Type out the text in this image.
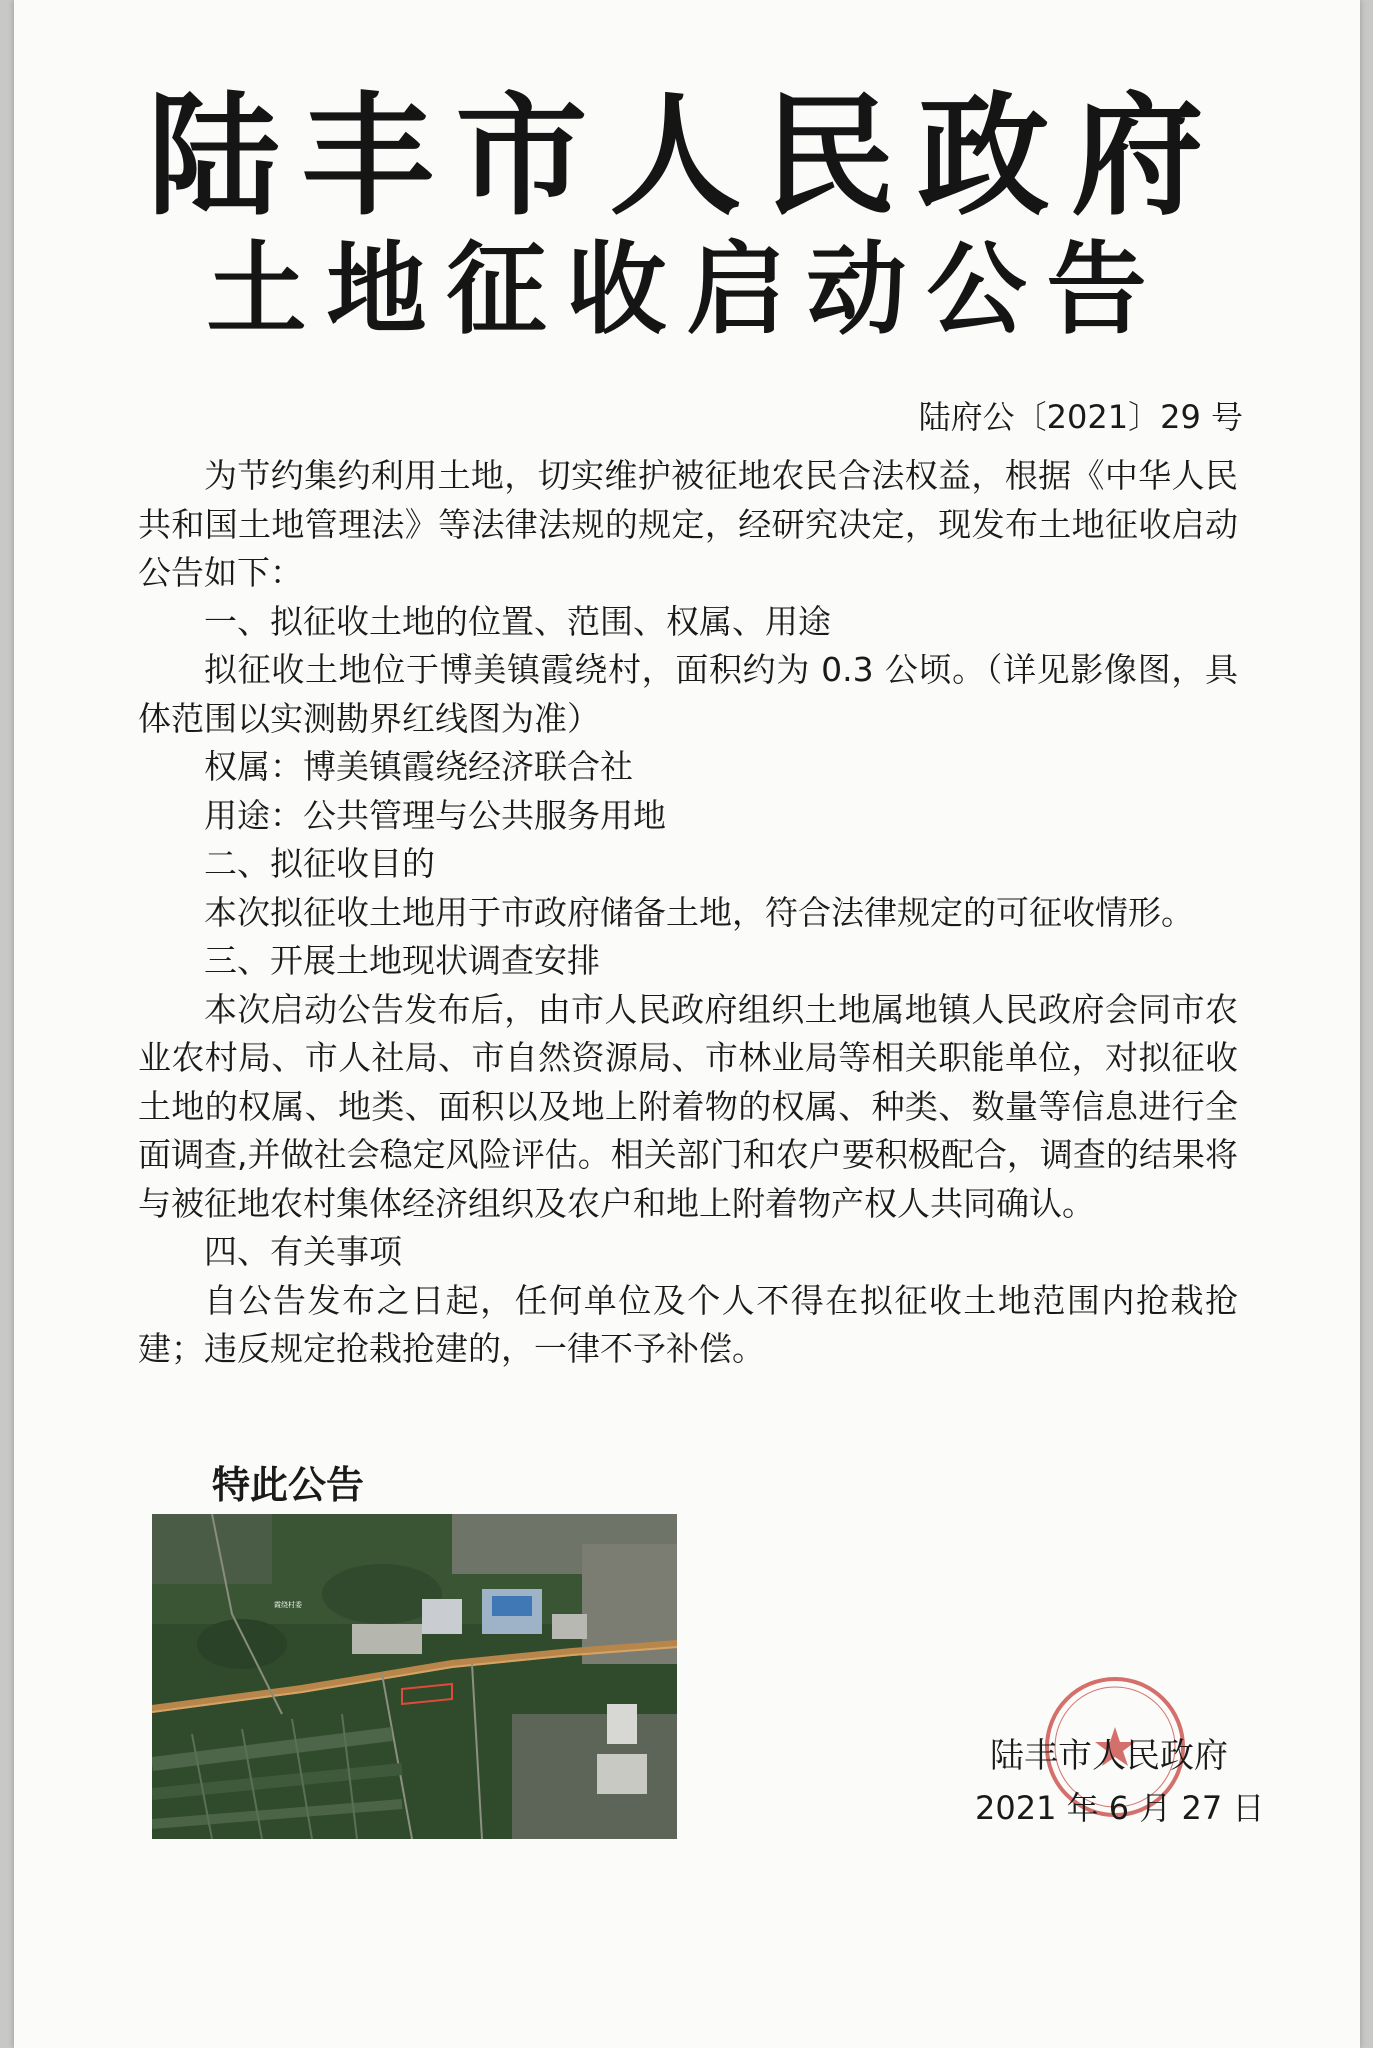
陆丰市人民政府
土地征收启动公告
陆府公〔2021〕29 号

为节约集约利用土地，切实维护被征地农民合法权益，根据《中华人民共和国土地管理法》等法律法规的规定，经研究决定，现发布土地征收启动公告如下：

一、拟征收土地的位置、范围、权属、用途

拟征收土地位于博美镇霞绕村，面积约为 0.3 公顷。（详见影像图，具体范围以实测勘界红线图为准）

权属：博美镇霞绕经济联合社

用途：公共管理与公共服务用地

二、拟征收目的

本次拟征收土地用于市政府储备土地，符合法律规定的可征收情形。

三、开展土地现状调查安排

本次启动公告发布后，由市人民政府组织土地属地镇人民政府会同市农业农村局、市人社局、市自然资源局、市林业局等相关职能单位，对拟征收土地的权属、地类、面积以及地上附着物的权属、种类、数量等信息进行全面调查,并做社会稳定风险评估。相关部门和农户要积极配合，调查的结果将与被征地农村集体经济组织及农户和地上附着物产权人共同确认。

四、有关事项

自公告发布之日起，任何单位及个人不得在拟征收土地范围内抢栽抢建；违反规定抢栽抢建的，一律不予补偿。

特此公告
霞绕村委
陆丰市人民政府
2021 年 6 月 27 日
